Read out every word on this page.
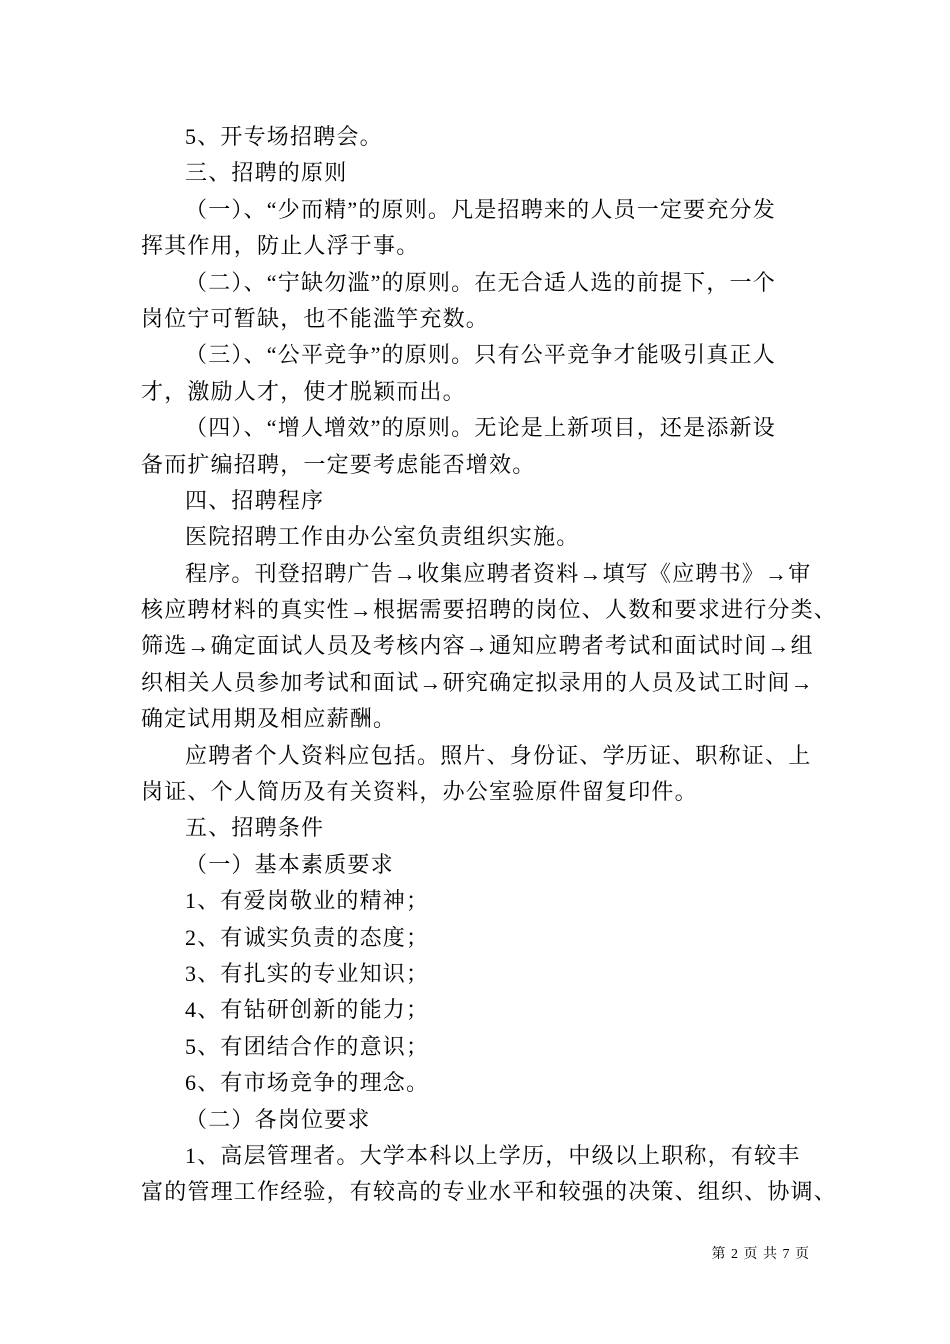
5、开专场招聘会。
三、招聘的原则
（一）、“少而精”的原则。凡是招聘来的人员一定要充分发
挥其作用，防止人浮于事。
（二）、“宁缺勿滥”的原则。在无合适人选的前提下，一个
岗位宁可暂缺，也不能滥竽充数。
（三）、“公平竞争”的原则。只有公平竞争才能吸引真正人
才，激励人才，使才脱颖而出。
（四）、“增人增效”的原则。无论是上新项目，还是添新设
备而扩编招聘，一定要考虑能否增效。
四、招聘程序
医院招聘工作由办公室负责组织实施。
程序。刊登招聘广告→收集应聘者资料→填写《应聘书》→审
核应聘材料的真实性→根据需要招聘的岗位、人数和要求进行分类、
筛选→确定面试人员及考核内容→通知应聘者考试和面试时间→组
织相关人员参加考试和面试→研究确定拟录用的人员及试工时间→
确定试用期及相应薪酬。
应聘者个人资料应包括。照片、身份证、学历证、职称证、上
岗证、个人简历及有关资料，办公室验原件留复印件。
五、招聘条件
（一）基本素质要求
1、有爱岗敬业的精神；
2、有诚实负责的态度；
3、有扎实的专业知识；
4、有钻研创新的能力；
5、有团结合作的意识；
6、有市场竞争的理念。
（二）各岗位要求
1、高层管理者。大学本科以上学历，中级以上职称，有较丰
富的管理工作经验，有较高的专业水平和较强的决策、组织、协调、
第 2 页 共 7 页
